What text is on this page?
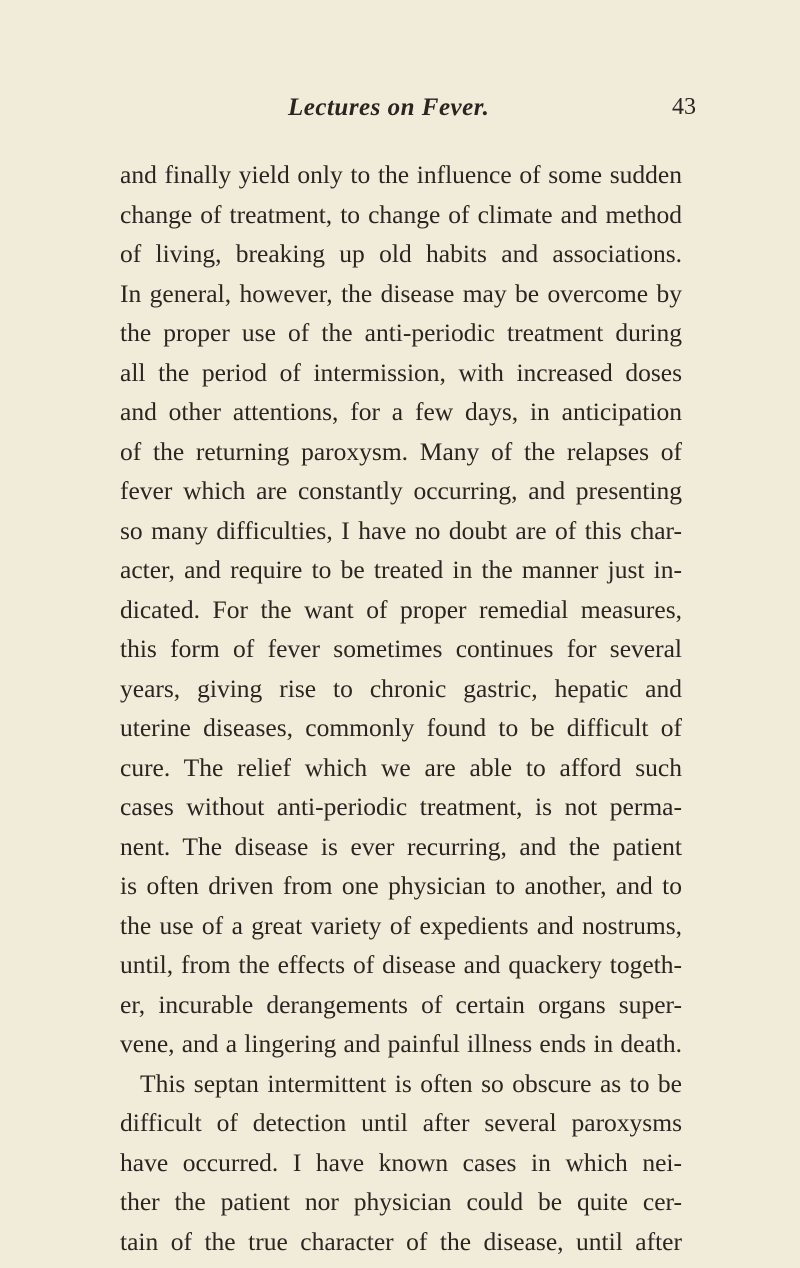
Lectures on Fever.	43
and finally yield only to the influence of some sudden
change of treatment, to change of climate and method
of living, breaking up old habits and associations.
In general, however, the disease may be overcome by
the proper use of the anti-periodic treatment during
all the period of intermission, with increased doses
and other attentions, for a few days, in anticipation
of the returning paroxysm. Many of the relapses of
fever which are constantly occurring, and presenting
so many difficulties, I have no doubt are of this char-
acter, and require to be treated in the manner just in-
dicated. For the want of proper remedial measures,
this form of fever sometimes continues for several
years, giving rise to chronic gastric, hepatic and
uterine diseases, commonly found to be difficult of
cure. The relief which we are able to afford such
cases without anti-periodic treatment, is not perma-
nent. The disease is ever recurring, and the patient
is often driven from one physician to another, and to
the use of a great variety of expedients and nostrums,
until, from the effects of disease and quackery togeth-
er, incurable derangements of certain organs super-
vene, and a lingering and painful illness ends in death.
This septan intermittent is often so obscure as to be
difficult of detection until after several paroxysms
have occurred. I have known cases in which nei-
ther the patient nor physician could be quite cer-
tain of the true character of the disease, until after
